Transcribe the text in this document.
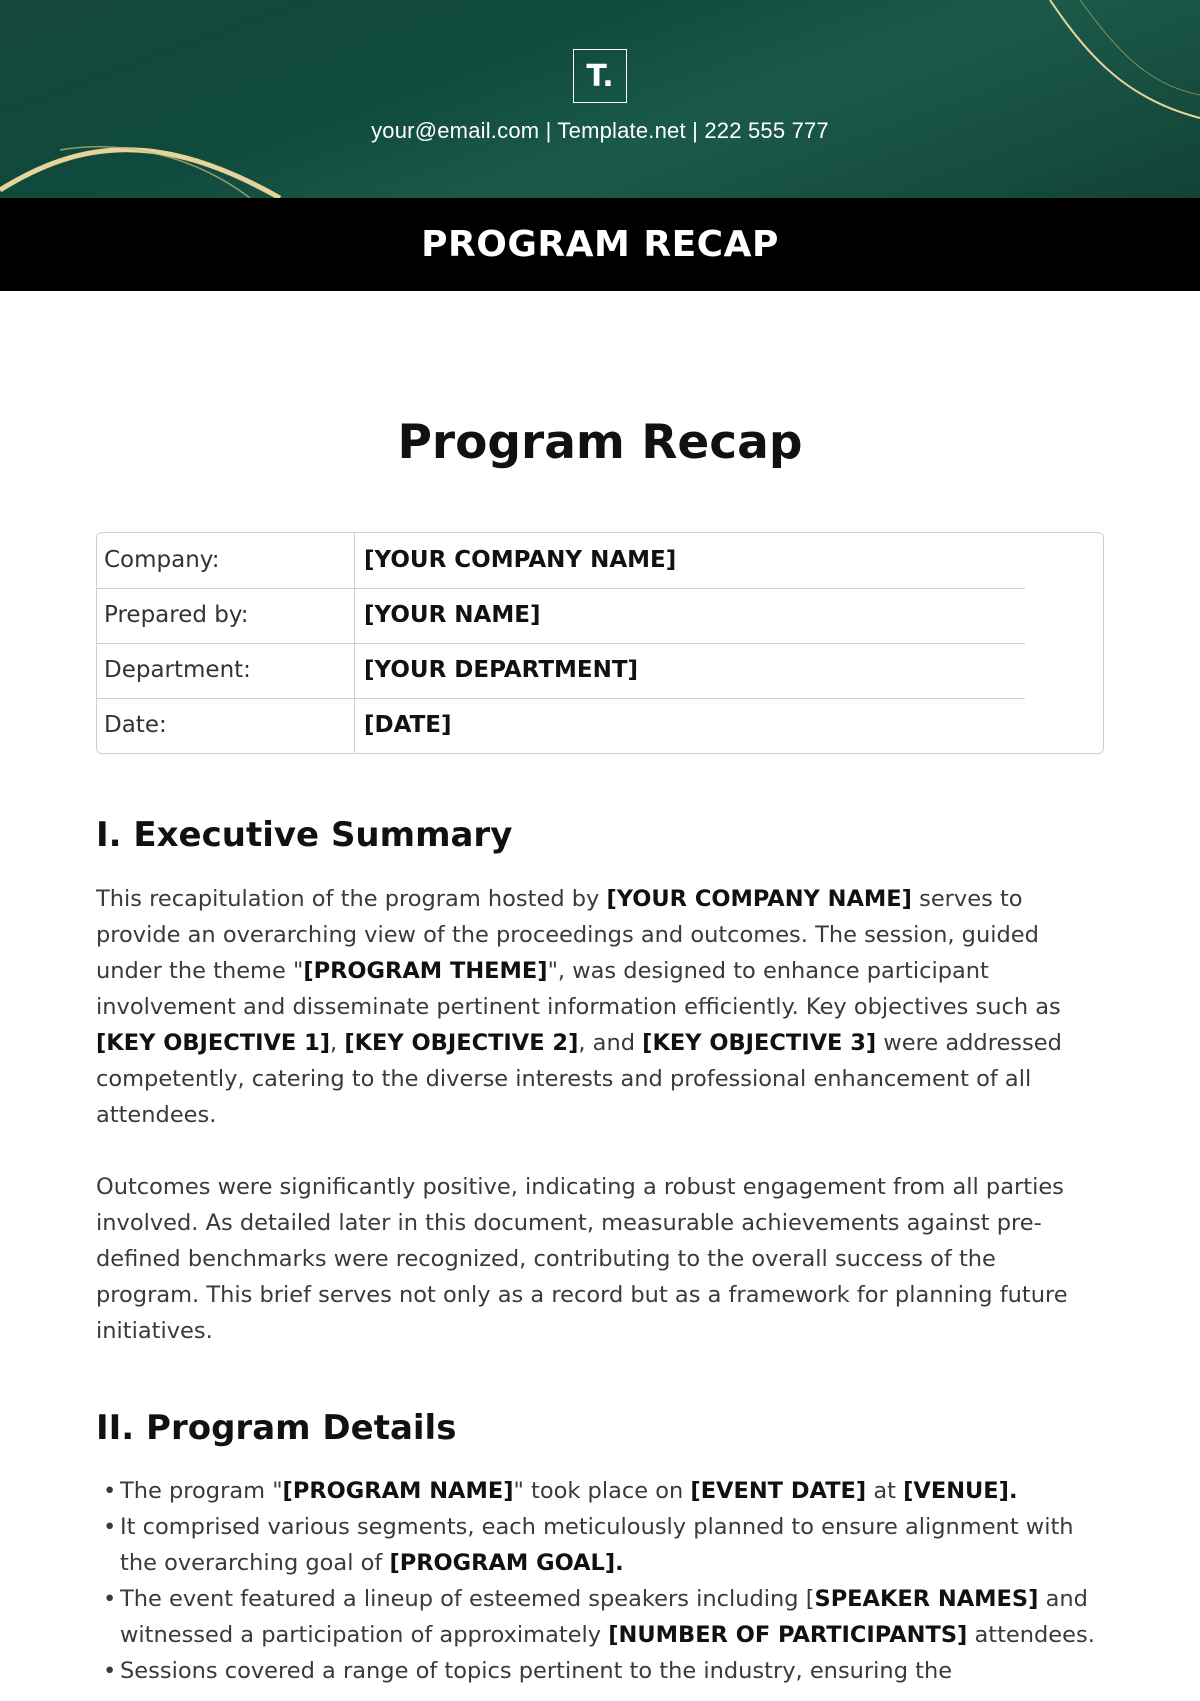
T.
your@email.com | Template.net | 222 555 777
PROGRAM RECAP
Program Recap
Company:	[YOUR COMPANY NAME]
Prepared by:	[YOUR NAME]
Department:	[YOUR DEPARTMENT]
Date:	[DATE]
I. Executive Summary

This recapitulation of the program hosted by [YOUR COMPANY NAME] serves to provide an overarching view of the proceedings and outcomes. The session, guided under the theme "[PROGRAM THEME]", was designed to enhance participant involvement and disseminate pertinent information efficiently. Key objectives such as [KEY OBJECTIVE 1], [KEY OBJECTIVE 2], and [KEY OBJECTIVE 3] were addressed competently, catering to the diverse interests and professional enhancement of all attendees.

Outcomes were significantly positive, indicating a robust engagement from all parties involved. As detailed later in this document, measurable achievements against pre-defined benchmarks were recognized, contributing to the overall success of the program. This brief serves not only as a record but as a framework for planning future initiatives.

II. Program Details
• The program "[PROGRAM NAME]" took place on [EVENT DATE] at [VENUE].
• It comprised various segments, each meticulously planned to ensure alignment with the overarching goal of [PROGRAM GOAL].
• The event featured a lineup of esteemed speakers including [SPEAKER NAMES] and witnessed a participation of approximately [NUMBER OF PARTICIPANTS] attendees.
• Sessions covered a range of topics pertinent to the industry, ensuring the
